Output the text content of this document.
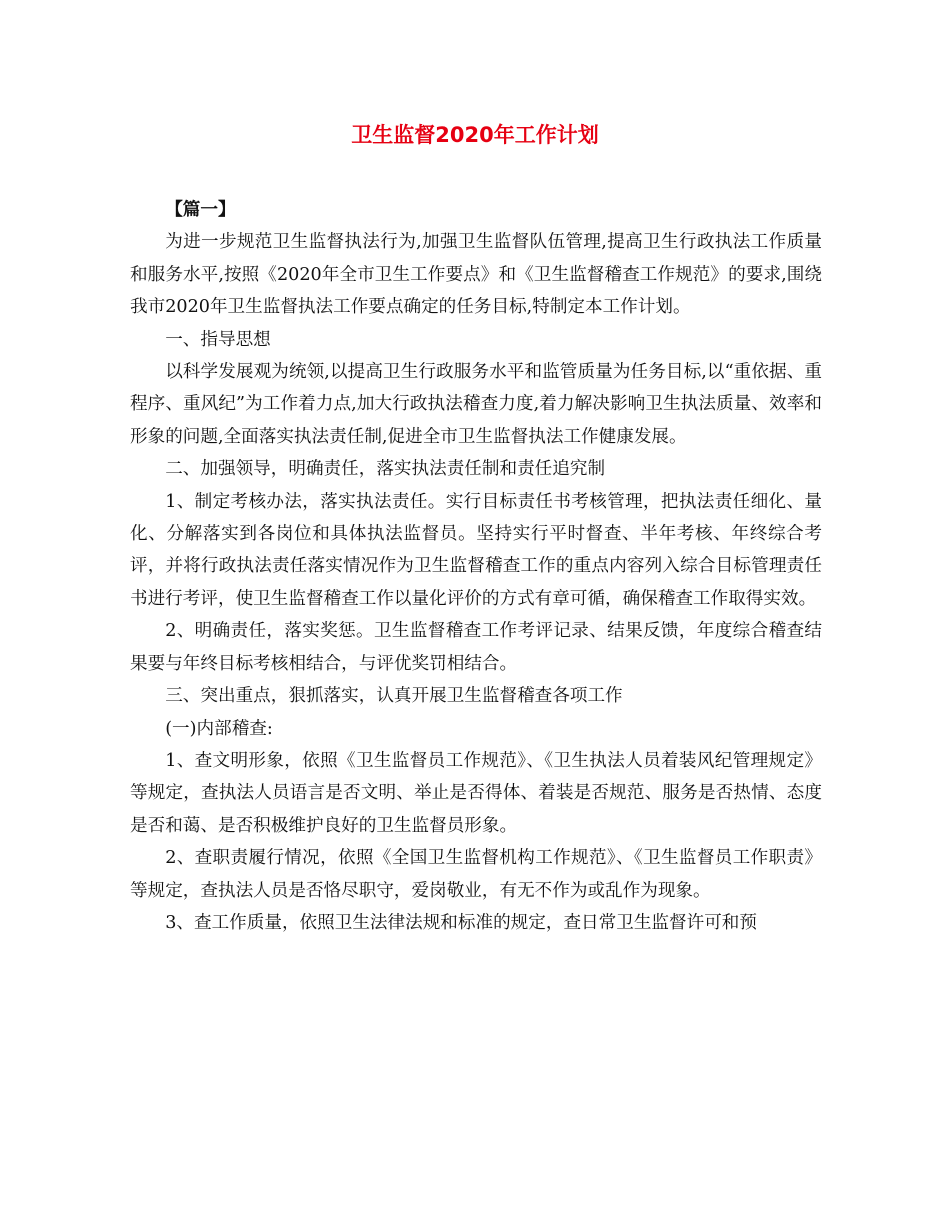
卫生监督2020年工作计划

【篇一】

为进一步规范卫生监督执法行为,加强卫生监督队伍管理,提高卫生行政执法工作质量和服务水平,按照《2020年全市卫生工作要点》和《卫生监督稽查工作规范》的要求,围绕我市2020年卫生监督执法工作要点确定的任务目标,特制定本工作计划。

一、指导思想

以科学发展观为统领,以提高卫生行政服务水平和监管质量为任务目标,以“重依据、重程序、重风纪”为工作着力点,加大行政执法稽查力度,着力解决影响卫生执法质量、效率和形象的问题,全面落实执法责任制,促进全市卫生监督执法工作健康发展。

二、加强领导，明确责任，落实执法责任制和责任追究制

1、制定考核办法，落实执法责任。实行目标责任书考核管理，把执法责任细化、量化、分解落实到各岗位和具体执法监督员。坚持实行平时督查、半年考核、年终综合考评，并将行政执法责任落实情况作为卫生监督稽查工作的重点内容列入综合目标管理责任书进行考评，使卫生监督稽查工作以量化评价的方式有章可循，确保稽查工作取得实效。

2、明确责任，落实奖惩。卫生监督稽查工作考评记录、结果反馈，年度综合稽查结果要与年终目标考核相结合，与评优奖罚相结合。

三、突出重点，狠抓落实，认真开展卫生监督稽查各项工作

(一)内部稽查:

1、查文明形象，依照《卫生监督员工作规范》、《卫生执法人员着装风纪管理规定》等规定，查执法人员语言是否文明、举止是否得体、着装是否规范、服务是否热情、态度是否和蔼、是否积极维护良好的卫生监督员形象。

2、查职责履行情况，依照《全国卫生监督机构工作规范》、《卫生监督员工作职责》等规定，查执法人员是否恪尽职守，爱岗敬业，有无不作为或乱作为现象。

3、查工作质量，依照卫生法律法规和标准的规定，查日常卫生监督许可和预
